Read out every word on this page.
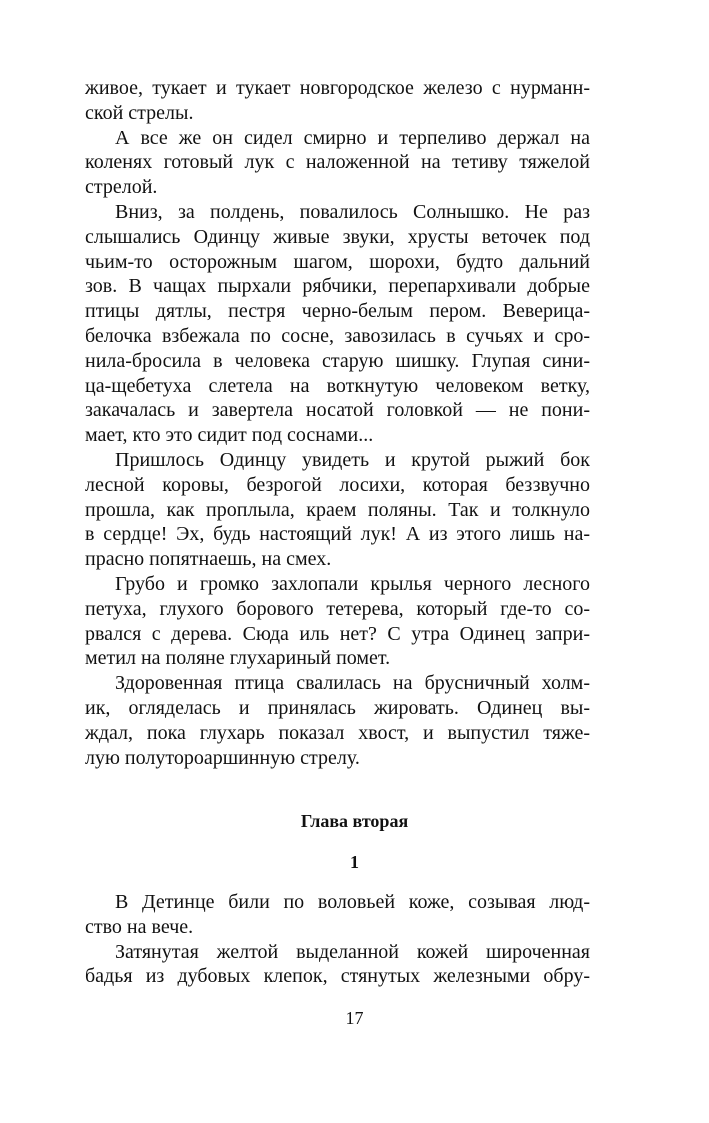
живое, тукает и тукает новгородское железо с нурманн-
ской стрелы.
А все же он сидел смирно и терпеливо держал на
коленях готовый лук с наложенной на тетиву тяжелой
стрелой.
Вниз, за полдень, повалилось Солнышко. Не раз
слышались Одинцу живые звуки, хрусты веточек под
чьим-то осторожным шагом, шорохи, будто дальний
зов. В чащах пырхали рябчики, перепархивали добрые
птицы дятлы, пестря черно-белым пером. Веверица-
белочка взбежала по сосне, завозилась в сучьях и сро-
нила-бросила в человека старую шишку. Глупая сини-
ца-щебетуха слетела на воткнутую человеком ветку,
закачалась и завертела носатой головкой — не пони-
мает, кто это сидит под соснами...
Пришлось Одинцу увидеть и крутой рыжий бок
лесной коровы, безрогой лосихи, которая беззвучно
прошла, как проплыла, краем поляны. Так и толкнуло
в сердце! Эх, будь настоящий лук! А из этого лишь на-
прасно попятнаешь, на смех.
Грубо и громко захлопали крылья черного лесного
петуха, глухого борового тетерева, который где-то со-
рвался с дерева. Сюда иль нет? С утра Одинец запри-
метил на поляне глухариный помет.
Здоровенная птица свалилась на брусничный холм-
ик, огляделась и принялась жировать. Одинец вы-
ждал, пока глухарь показал хвост, и выпустил тяже-
лую полутороаршинную стрелу.
Глава вторая
1
В Детинце били по воловьей коже, созывая люд-
ство на вече.
Затянутая желтой выделанной кожей широченная
бадья из дубовых клепок, стянутых железными обру-
17
